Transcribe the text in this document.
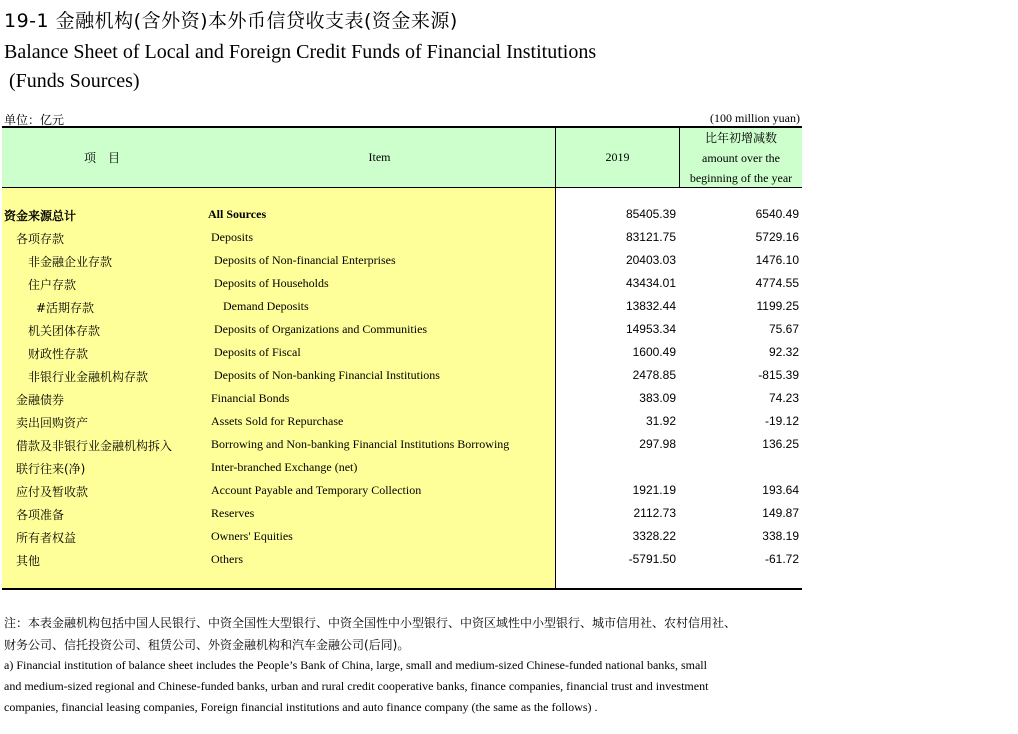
19-1 金融机构(含外资)本外币信贷收支表(资金来源)
Balance Sheet of Local and Foreign Credit Funds of Financial Institutions
(Funds Sources)
单位：亿元	(100 million yuan)
项　目	Item	2019
比年初增减数
amount over the
beginning of the year
资金来源总计	All Sources	85405.39	6540.49
各项存款	Deposits	83121.75	5729.16
非金融企业存款	Deposits of Non-financial Enterprises	20403.03	1476.10
住户存款	Deposits of Households	43434.01	4774.55
#活期存款	Demand Deposits	13832.44	1199.25
机关团体存款	Deposits of Organizations and Communities	14953.34	75.67
财政性存款	Deposits of Fiscal	1600.49	92.32
非银行业金融机构存款	Deposits of Non-banking Financial Institutions	2478.85	-815.39
金融债券	Financial Bonds	383.09	74.23
卖出回购资产	Assets Sold for Repurchase	31.92	-19.12
借款及非银行业金融机构拆入	Borrowing and Non-banking Financial Institutions Borrowing	297.98	136.25
联行往来(净)	Inter-branched Exchange (net)
应付及暂收款	Account Payable and Temporary Collection	1921.19	193.64
各项准备	Reserves	2112.73	149.87
所有者权益	Owners' Equities	3328.22	338.19
其他	Others	-5791.50	-61.72
注：本表金融机构包括中国人民银行、中资全国性大型银行、中资全国性中小型银行、中资区域性中小型银行、城市信用社、农村信用社、
财务公司、信托投资公司、租赁公司、外资金融机构和汽车金融公司(后同)。
a) Financial institution of balance sheet includes the People’s Bank of China, large, small and medium-sized Chinese-funded national banks, small
and medium-sized regional and Chinese-funded banks, urban and rural credit cooperative banks, finance companies, financial trust and investment
companies, financial leasing companies, Foreign financial institutions and auto finance company (the same as the follows) .
